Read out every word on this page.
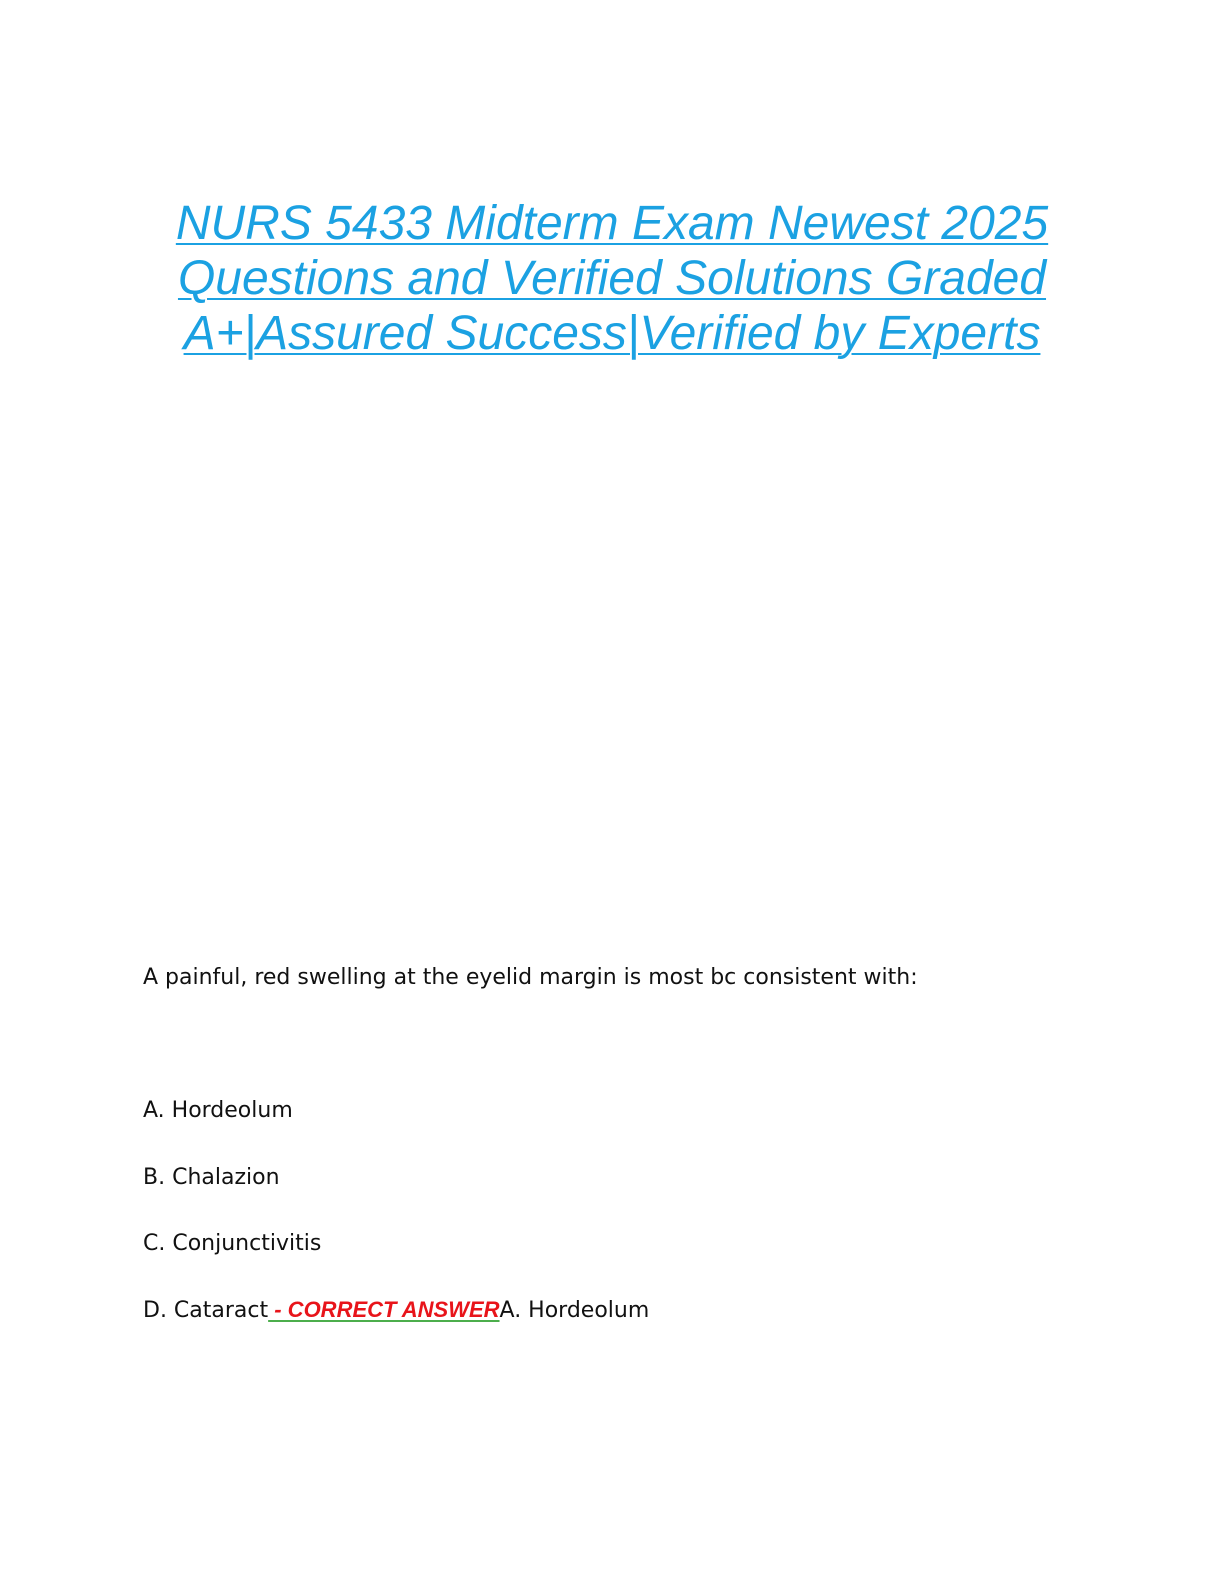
NURS 5433 Midterm Exam Newest 2025
Questions and Verified Solutions Graded
A+|Assured Success|Verified by Experts
A painful, red swelling at the eyelid margin is most bc consistent with:
A. Hordeolum
B. Chalazion
C. Conjunctivitis
D. Cataract - CORRECT ANSWERA. Hordeolum
